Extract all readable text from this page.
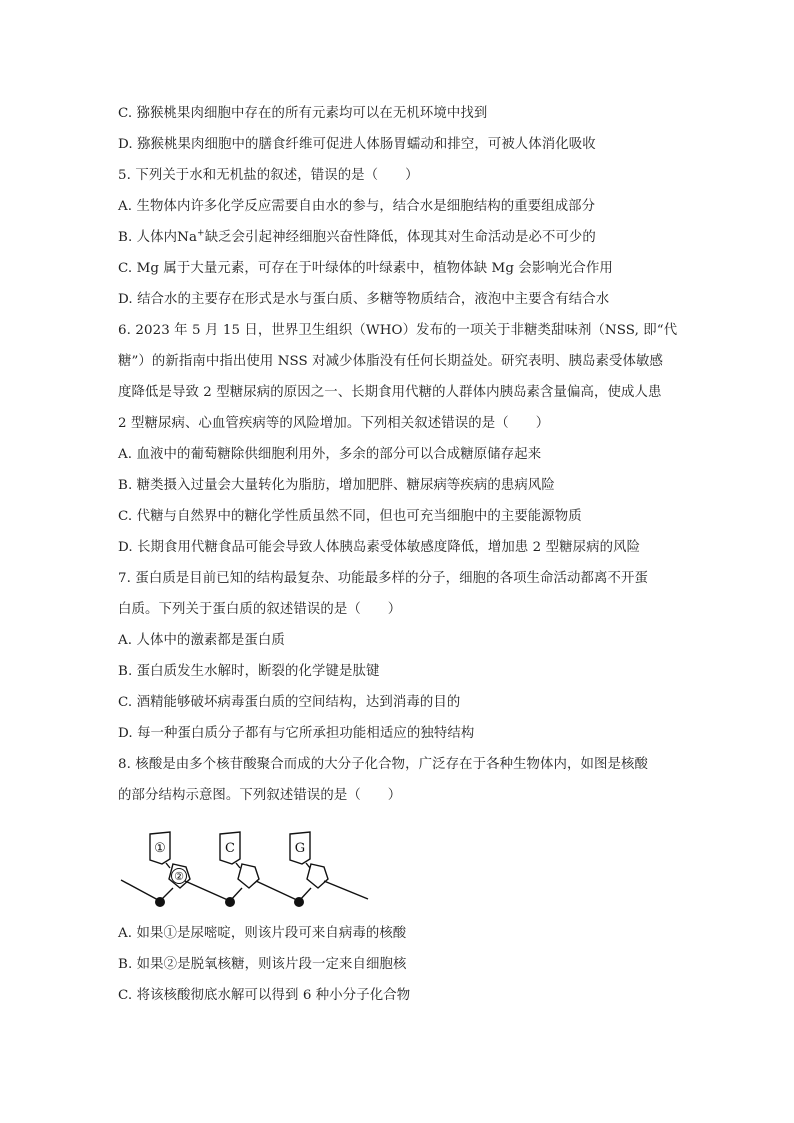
C. 猕猴桃果肉细胞中存在的所有元素均可以在无机环境中找到
D. 猕猴桃果肉细胞中的膳食纤维可促进人体肠胃蠕动和排空，可被人体消化吸收
5. 下列关于水和无机盐的叙述，错误的是（　　）
A. 生物体内许多化学反应需要自由水的参与，结合水是细胞结构的重要组成部分
B. 人体内Na+缺乏会引起神经细胞兴奋性降低，体现其对生命活动是必不可少的
C. Mg 属于大量元素，可存在于叶绿体的叶绿素中，植物体缺 Mg 会影响光合作用
D. 结合水的主要存在形式是水与蛋白质、多糖等物质结合，液泡中主要含有结合水
6. 2023 年 5 月 15 日，世界卫生组织（WHO）发布的一项关于非糖类甜味剂（NSS, 即“代
糖”）的新指南中指出使用 NSS 对减少体脂没有任何长期益处。研究表明、胰岛素受体敏感
度降低是导致 2 型糖尿病的原因之一、长期食用代糖的人群体内胰岛素含量偏高，使成人患
2 型糖尿病、心血管疾病等的风险增加。下列相关叙述错误的是（　　）
A. 血液中的葡萄糖除供细胞利用外，多余的部分可以合成糖原储存起来
B. 糖类摄入过量会大量转化为脂肪，增加肥胖、糖尿病等疾病的患病风险
C. 代糖与自然界中的糖化学性质虽然不同，但也可充当细胞中的主要能源物质
D. 长期食用代糖食品可能会导致人体胰岛素受体敏感度降低，增加患 2 型糖尿病的风险
7. 蛋白质是目前已知的结构最复杂、功能最多样的分子，细胞的各项生命活动都离不开蛋
白质。下列关于蛋白质的叙述错误的是（　　）
A. 人体中的激素都是蛋白质
B. 蛋白质发生水解时，断裂的化学键是肽键
C. 酒精能够破坏病毒蛋白质的空间结构，达到消毒的目的
D. 每一种蛋白质分子都有与它所承担功能相适应的独特结构
8. 核酸是由多个核苷酸聚合而成的大分子化合物，广泛存在于各种生物体内，如图是核酸
的部分结构示意图。下列叙述错误的是（　　）
①
②
C	G
A. 如果①是尿嘧啶，则该片段可来自病毒的核酸
B. 如果②是脱氧核糖，则该片段一定来自细胞核
C. 将该核酸彻底水解可以得到 6 种小分子化合物
